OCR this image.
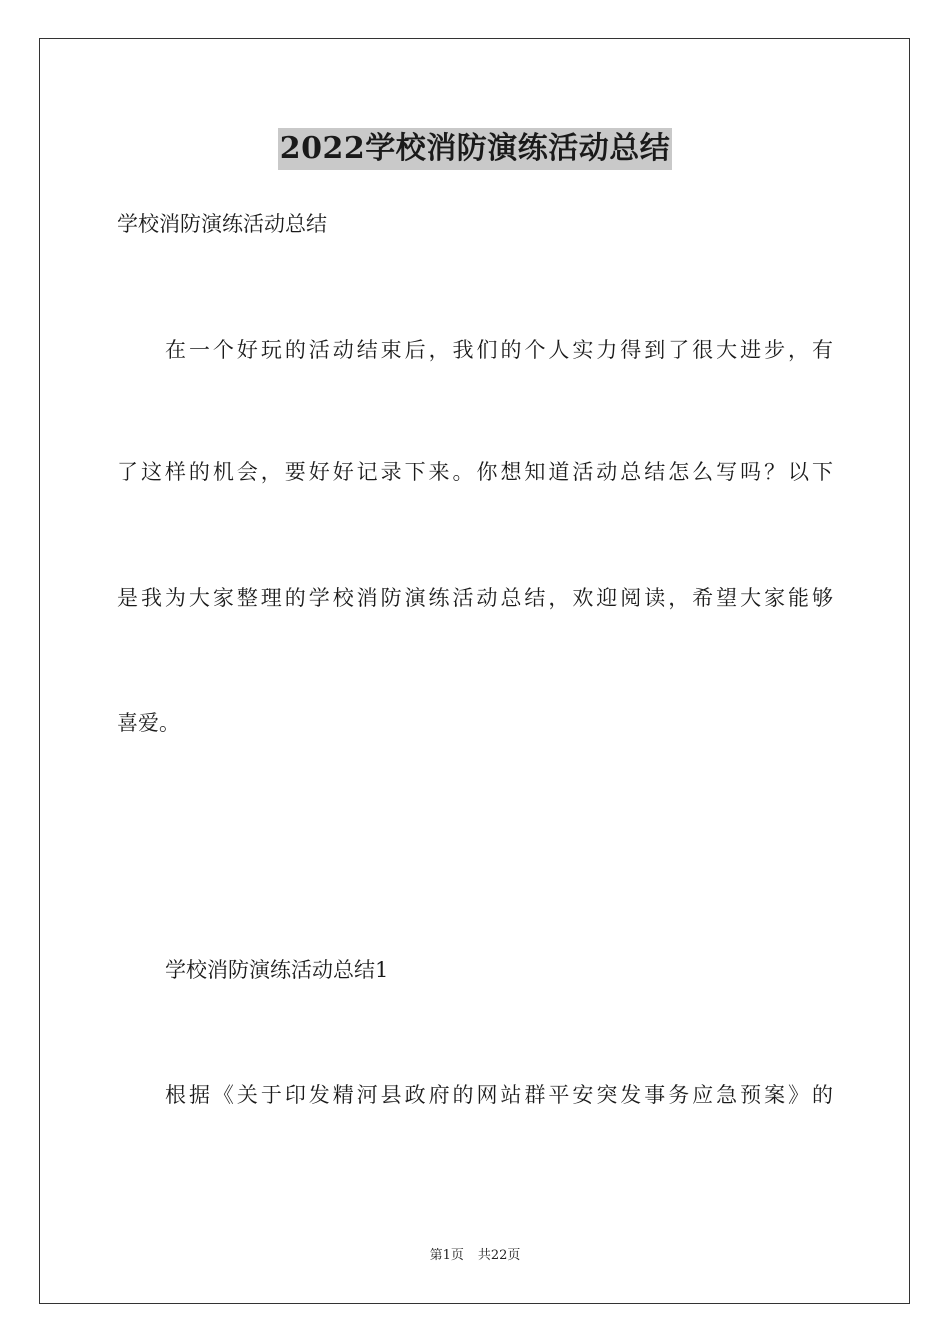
2022学校消防演练活动总结
学校消防演练活动总结
在一个好玩的活动结束后，我们的个人实力得到了很大进步，有
了这样的机会，要好好记录下来。你想知道活动总结怎么写吗？以下
是我为大家整理的学校消防演练活动总结，欢迎阅读，希望大家能够
喜爱。
学校消防演练活动总结1
根据《关于印发精河县政府的网站群平安突发事务应急预案》的
第1页 共22页
